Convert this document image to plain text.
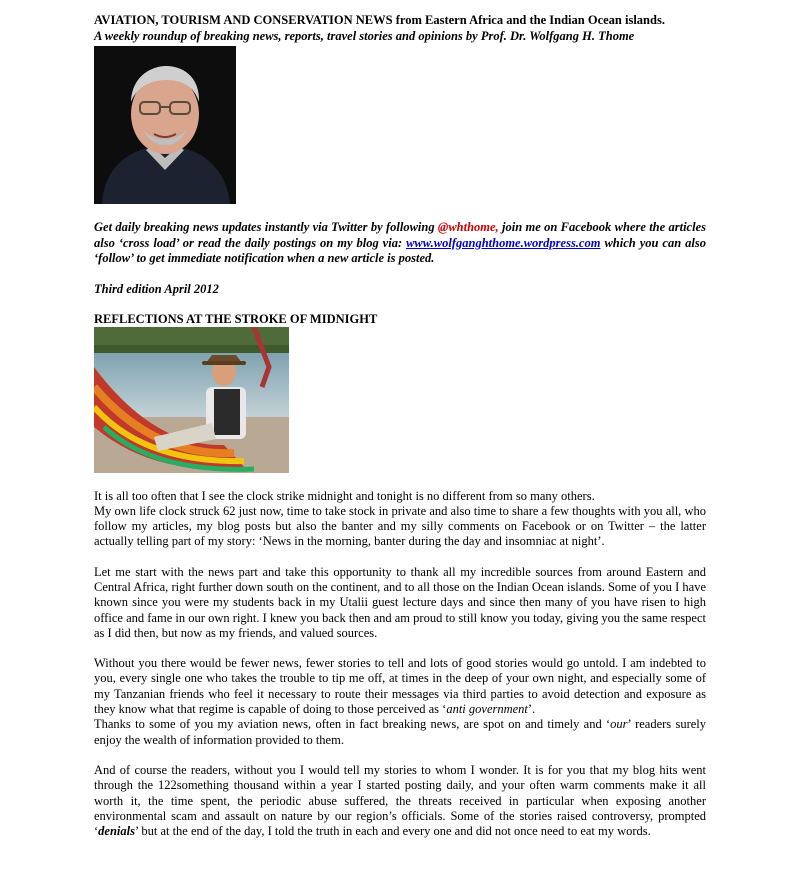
AVIATION, TOURISM AND CONSERVATION NEWS from Eastern Africa and the Indian Ocean islands.
A weekly roundup of breaking news, reports, travel stories and opinions by Prof. Dr. Wolfgang H. Thome
Get daily breaking news updates instantly via Twitter by following @whthome, join me on Facebook where the articles also ‘cross load’ or read the daily postings on my blog via: www.wolfganghthome.wordpress.com which you can also ‘follow’ to get immediate notification when a new article is posted.
Third edition April 2012
REFLECTIONS AT THE STROKE OF MIDNIGHT

It is all too often that I see the clock strike midnight and tonight is no different from so many others.

My own life clock struck 62 just now, time to take stock in private and also time to share a few thoughts with you all, who follow my articles, my blog posts but also the banter and my silly comments on Facebook or on Twitter – the latter actually telling part of my story: ‘News in the morning, banter during the day and insomniac at night’.

Let me start with the news part and take this opportunity to thank all my incredible sources from around Eastern and Central Africa, right further down south on the continent, and to all those on the Indian Ocean islands. Some of you I have known since you were my students back in my Utalii guest lecture days and since then many of you have risen to high office and fame in our own right. I knew you back then and am proud to still know you today, giving you the same respect as I did then, but now as my friends, and valued sources.

Without you there would be fewer news, fewer stories to tell and lots of good stories would go untold. I am indebted to you, every single one who takes the trouble to tip me off, at times in the deep of your own night, and especially some of my Tanzanian friends who feel it necessary to route their messages via third parties to avoid detection and exposure as they know what that regime is capable of doing to those perceived as ‘anti government’.

Thanks to some of you my aviation news, often in fact breaking news, are spot on and timely and ‘our’ readers surely enjoy the wealth of information provided to them.

And of course the readers, without you I would tell my stories to whom I wonder. It is for you that my blog hits went through the 122something thousand within a year I started posting daily, and your often warm comments make it all worth it, the time spent, the periodic abuse suffered, the threats received in particular when exposing another environmental scam and assault on nature by our region’s officials. Some of the stories raised controversy, prompted ‘denials’ but at the end of the day, I told the truth in each and every one and did not once need to eat my words.
